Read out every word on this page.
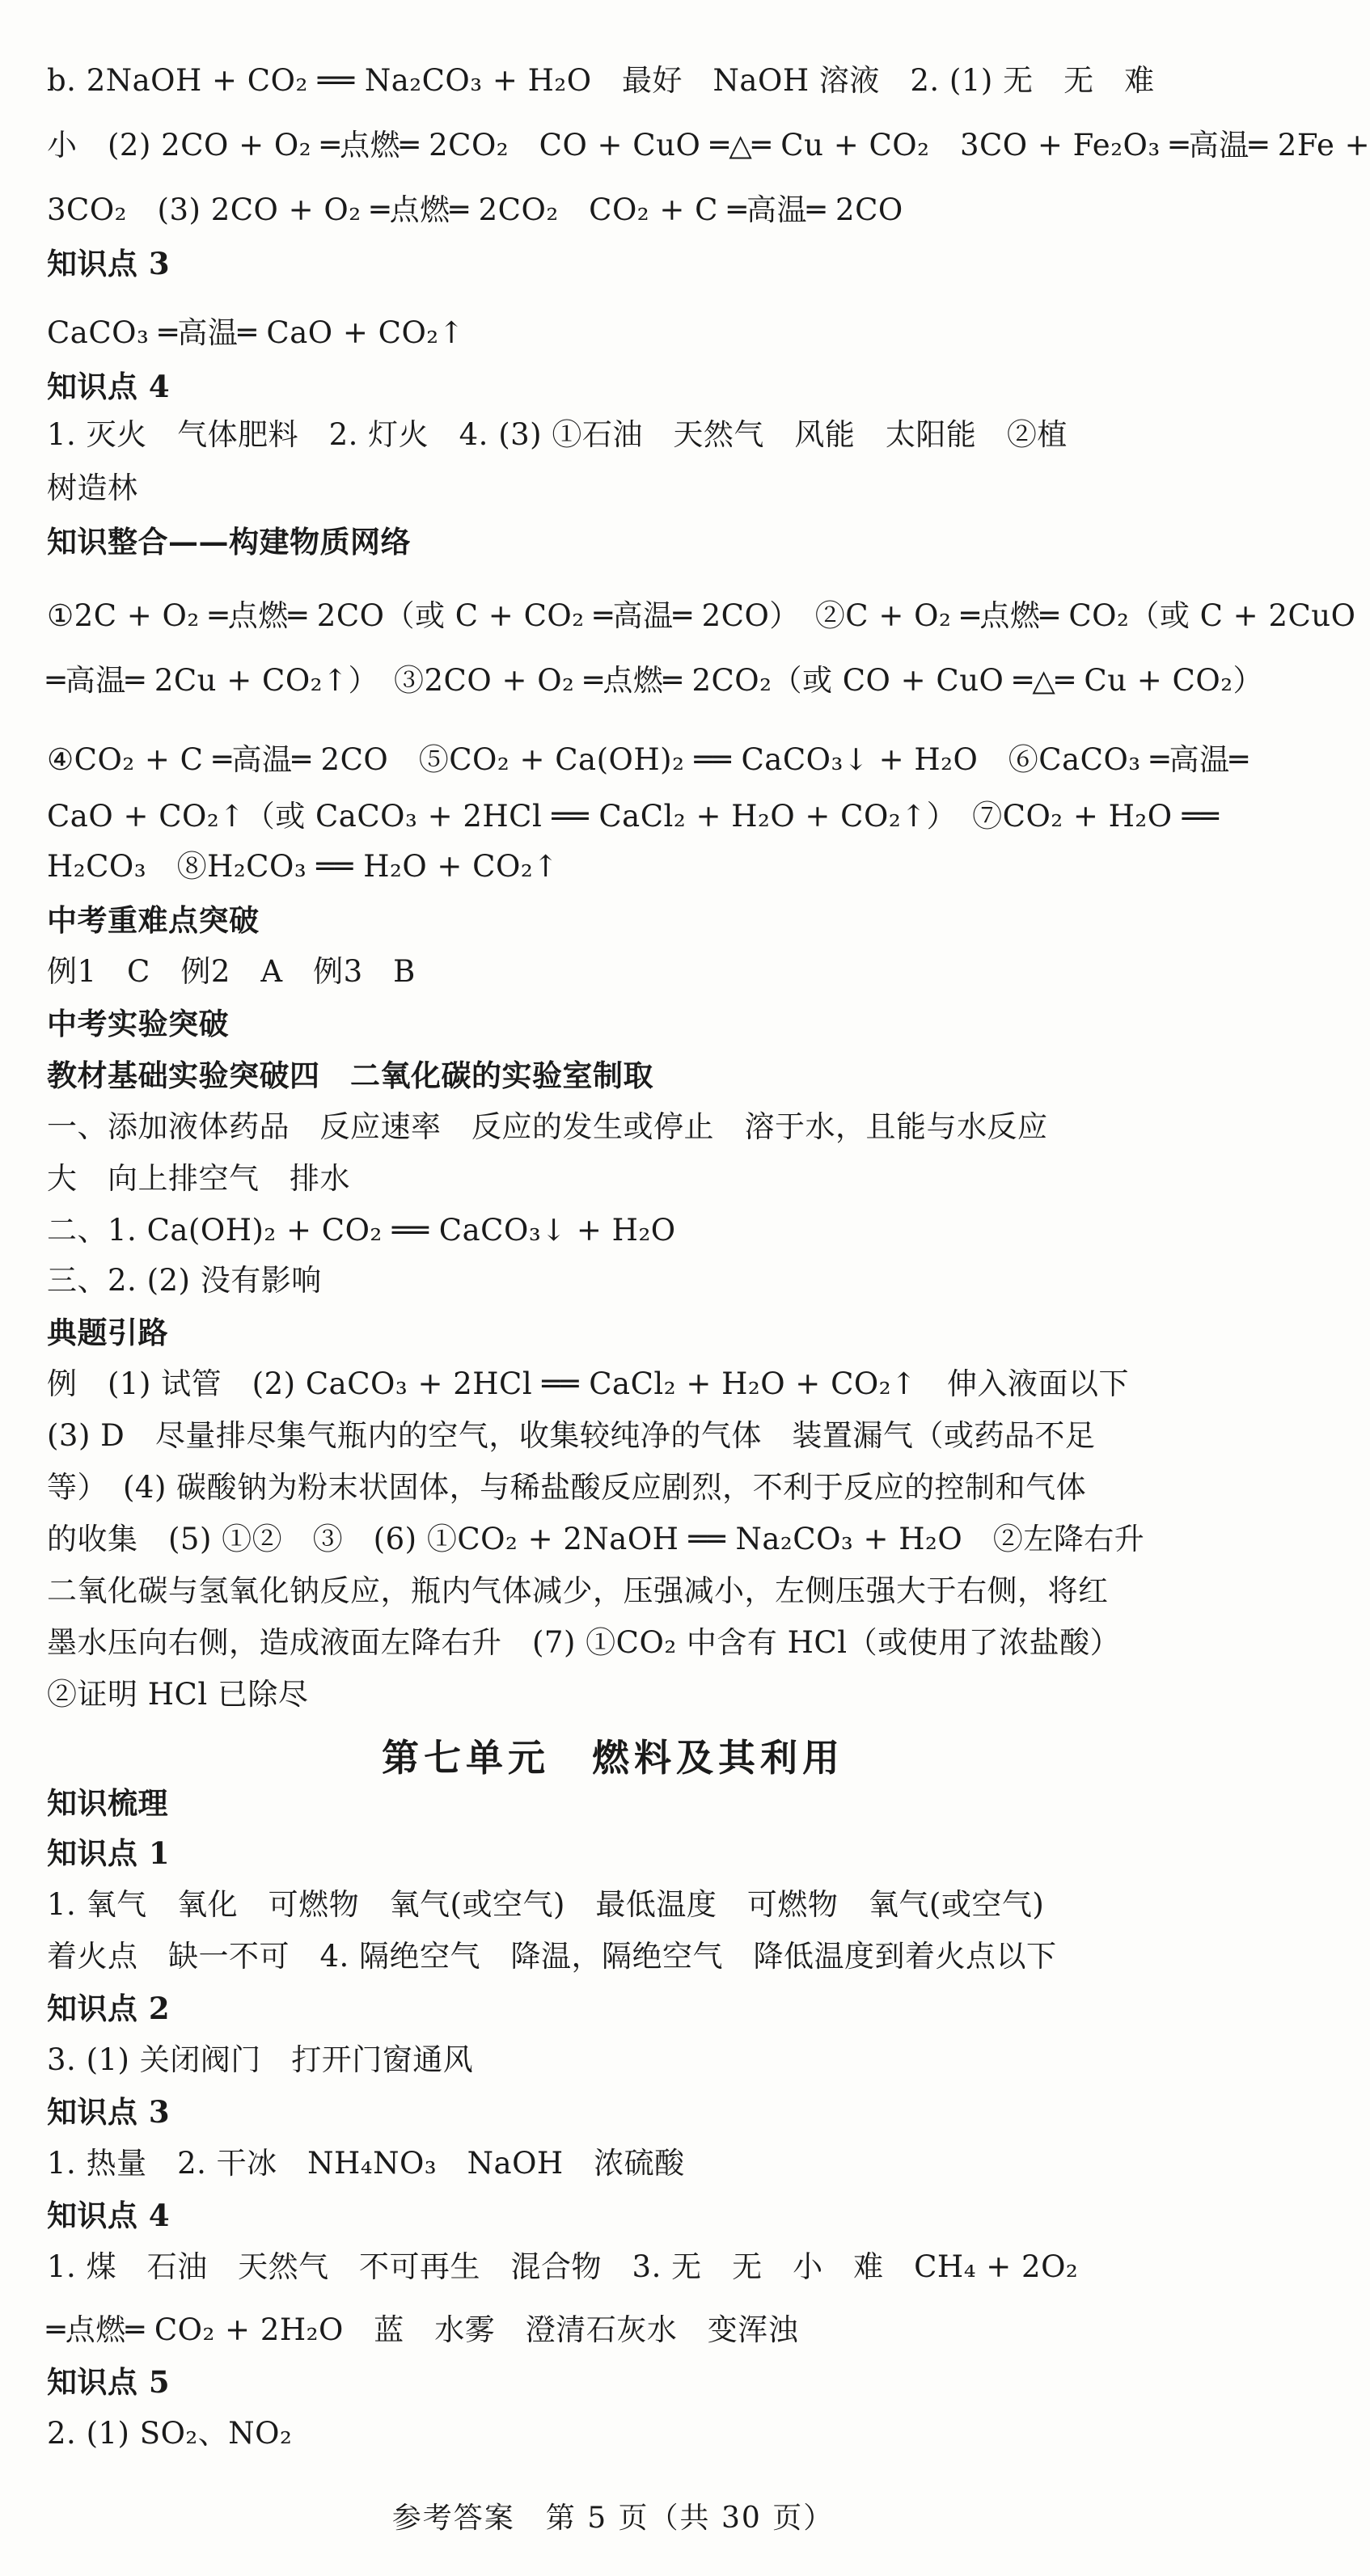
b. 2NaOH + CO₂ ══ Na₂CO₃ + H₂O　最好　NaOH 溶液　2. (1) 无　无　难
小　(2) 2CO + O₂ ═点燃═ 2CO₂　CO + CuO ═△═ Cu + CO₂　3CO + Fe₂O₃ ═高温═ 2Fe +
3CO₂　(3) 2CO + O₂ ═点燃═ 2CO₂　CO₂ + C ═高温═ 2CO
知识点 3
CaCO₃ ═高温═ CaO + CO₂↑
知识点 4
1. 灭火　气体肥料　2. 灯火　4. (3) ①石油　天然气　风能　太阳能　②植
树造林
知识整合——构建物质网络
①2C + O₂ ═点燃═ 2CO（或 C + CO₂ ═高温═ 2CO）　②C + O₂ ═点燃═ CO₂（或 C + 2CuO
═高温═ 2Cu + CO₂↑）　③2CO + O₂ ═点燃═ 2CO₂（或 CO + CuO ═△═ Cu + CO₂）
④CO₂ + C ═高温═ 2CO　⑤CO₂ + Ca(OH)₂ ══ CaCO₃↓ + H₂O　⑥CaCO₃ ═高温═
CaO + CO₂↑（或 CaCO₃ + 2HCl ══ CaCl₂ + H₂O + CO₂↑）　⑦CO₂ + H₂O ══
H₂CO₃　⑧H₂CO₃ ══ H₂O + CO₂↑
中考重难点突破
例1　C　例2　A　例3　B
中考实验突破
教材基础实验突破四　二氧化碳的实验室制取
一、添加液体药品　反应速率　反应的发生或停止　溶于水，且能与水反应
大　向上排空气　排水
二、1. Ca(OH)₂ + CO₂ ══ CaCO₃↓ + H₂O
三、2. (2) 没有影响
典题引路
例　(1) 试管　(2) CaCO₃ + 2HCl ══ CaCl₂ + H₂O + CO₂↑　伸入液面以下
(3) D　尽量排尽集气瓶内的空气，收集较纯净的气体　装置漏气（或药品不足
等）　(4) 碳酸钠为粉末状固体，与稀盐酸反应剧烈，不利于反应的控制和气体
的收集　(5) ①②　③　(6) ①CO₂ + 2NaOH ══ Na₂CO₃ + H₂O　②左降右升
二氧化碳与氢氧化钠反应，瓶内气体减少，压强减小，左侧压强大于右侧，将红
墨水压向右侧，造成液面左降右升　(7) ①CO₂ 中含有 HCl（或使用了浓盐酸）
②证明 HCl 已除尽
第七单元　燃料及其利用
知识梳理
知识点 1
1. 氧气　氧化　可燃物　氧气(或空气)　最低温度　可燃物　氧气(或空气)
着火点　缺一不可　4. 隔绝空气　降温，隔绝空气　降低温度到着火点以下
知识点 2
3. (1) 关闭阀门　打开门窗通风
知识点 3
1. 热量　2. 干冰　NH₄NO₃　NaOH　浓硫酸
知识点 4
1. 煤　石油　天然气　不可再生　混合物　3. 无　无　小　难　CH₄ + 2O₂
═点燃═ CO₂ + 2H₂O　蓝　水雾　澄清石灰水　变浑浊
知识点 5
2. (1) SO₂、NO₂
参考答案　第 5 页（共 30 页）
